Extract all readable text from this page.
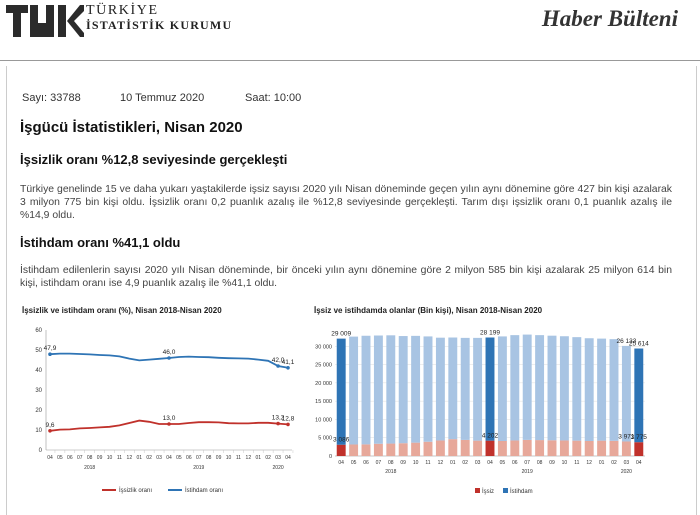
TÜRKİYE
İSTATİSTİK KURUMU	Haber Bülteni
Sayı: 33788	10 Temmuz 2020	Saat: 10:00
İşgücü İstatistikleri, Nisan 2020
İşsizlik oranı %12,8 seviyesinde gerçekleşti
Türkiye genelinde 15 ve daha yukarı yaştakilerde işsiz sayısı 2020 yılı Nisan döneminde geçen yılın aynı dönemine göre 427 bin kişi azalarak 3 milyon 775 bin kişi oldu. İşsizlik oranı 0,2 puanlık azalış ile %12,8 seviyesinde gerçekleşti. Tarım dışı işsizlik oranı 0,1 puanlık azalış ile %14,9 oldu.
İstihdam oranı %41,1 oldu
İstihdam edilenlerin sayısı 2020 yılı Nisan döneminde, bir önceki yılın aynı dönemine göre 2 milyon 585 bin kişi azalarak 25 milyon 614 bin kişi, istihdam oranı ise 4,9 puanlık azalış ile %41,1 oldu.
İşsizlik ve istihdam oranı (%), Nisan 2018-Nisan 2020	İşsiz ve istihdamda olanlar (Bin kişi), Nisan 2018-Nisan 2020
0
10
20
30
40
50
60
04 05 06 07 08 09 10 11 12 01 02 03 04 05 06 07 08 09 10 11 12 01 02 03 04
2018	2019	2020
9,6
13,0	13,2
12,8
47,9
46,0
42,0
41,1
İşsizlik oranı	İstihdam oranı
0
5 000
10 000
15 000
20 000
25 000
30 000
04 05 06 07 08 09 10 11 12 01 02 03 04 05 06 07 08 09 10 11 12 01 02 03 04
29 009	28 199
26 133
25 614
3 086
4 202	3 971
3 775
2018	2019	2020
İşsiz	İstihdam
